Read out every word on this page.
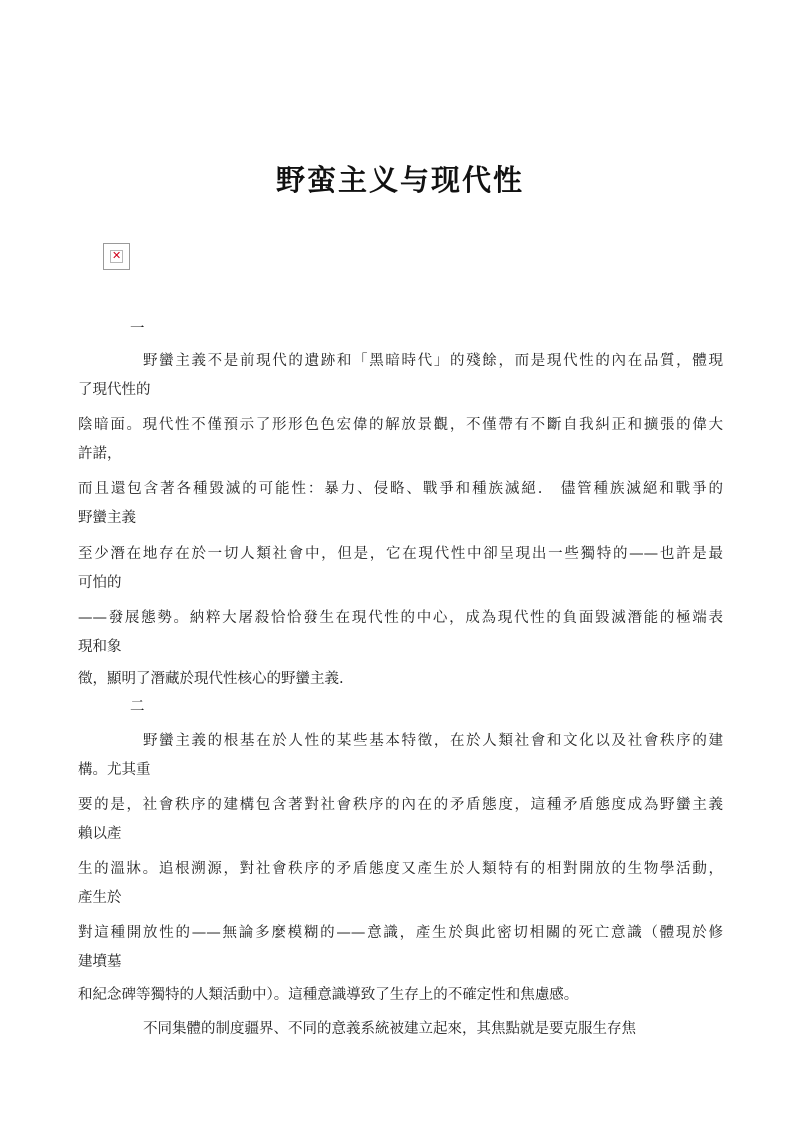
野蛮主义与现代性
✕
一
野蠻主義不是前現代的遺跡和「黑暗時代」的殘餘，而是現代性的內在品質，體現
了現代性的
陰暗面。現代性不僅預示了形形色色宏偉的解放景觀，不僅帶有不斷自我糾正和擴張的偉大
許諾，
而且還包含著各種毀滅的可能性：暴力、侵略、戰爭和種族滅絕.　儘管種族滅絕和戰爭的
野蠻主義
至少潛在地存在於一切人類社會中，但是，它在現代性中卻呈現出一些獨特的——也許是最
可怕的
——發展態勢。納粹大屠殺恰恰發生在現代性的中心，成為現代性的負面毀滅潛能的極端表
現和象
徵，顯明了潛藏於現代性核心的野蠻主義.
二
野蠻主義的根基在於人性的某些基本特徵，在於人類社會和文化以及社會秩序的建
構。尤其重
要的是，社會秩序的建構包含著對社會秩序的內在的矛盾態度，這種矛盾態度成為野蠻主義
賴以產
生的溫牀。追根溯源，對社會秩序的矛盾態度又產生於人類特有的相對開放的生物學活動，
產生於
對這種開放性的——無論多麼模糊的——意識，產生於與此密切相關的死亡意識（體現於修
建墳墓
和紀念碑等獨特的人類活動中）。這種意識導致了生存上的不確定性和焦慮感。
不同集體的制度疆界、不同的意義系統被建立起來，其焦點就是要克服生存焦
